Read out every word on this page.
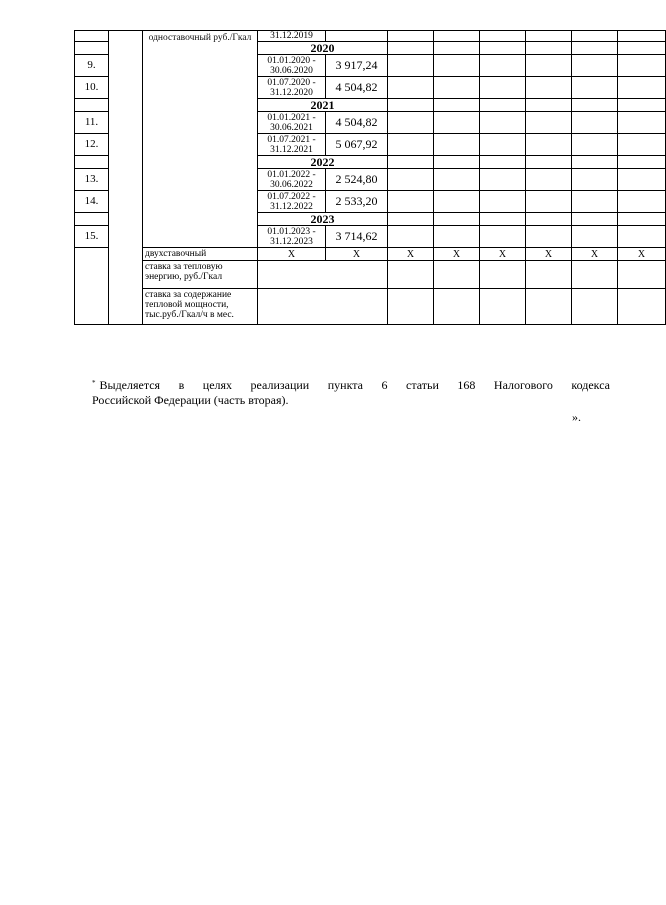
		одноставочный руб./Гкал	31.12.2019							
			2020							
9.			01.01.2020 - 30.06.2020	3 917,24						
10.			01.07.2020 - 31.12.2020	4 504,82						
			2021							
11.			01.01.2021 - 30.06.2021	4 504,82						
12.			01.07.2021 - 31.12.2021	5 067,92						
			2022							
13.			01.01.2022 - 30.06.2022	2 524,80						
14.			01.07.2022 - 31.12.2022	2 533,20						
			2023							
15.			01.01.2023 - 31.12.2023	3 714,62						
		двухставочный	X	X	X	X	X	X	X	X
		ставка за тепловую энергию, руб./Гкал								
		ставка за содержание тепловой мощности, тыс.руб./Гкал/ч в мес.								
* Выделяется в целях реализации пункта 6 статьи 168 Налогового кодекса
Российской Федерации (часть вторая).
».
